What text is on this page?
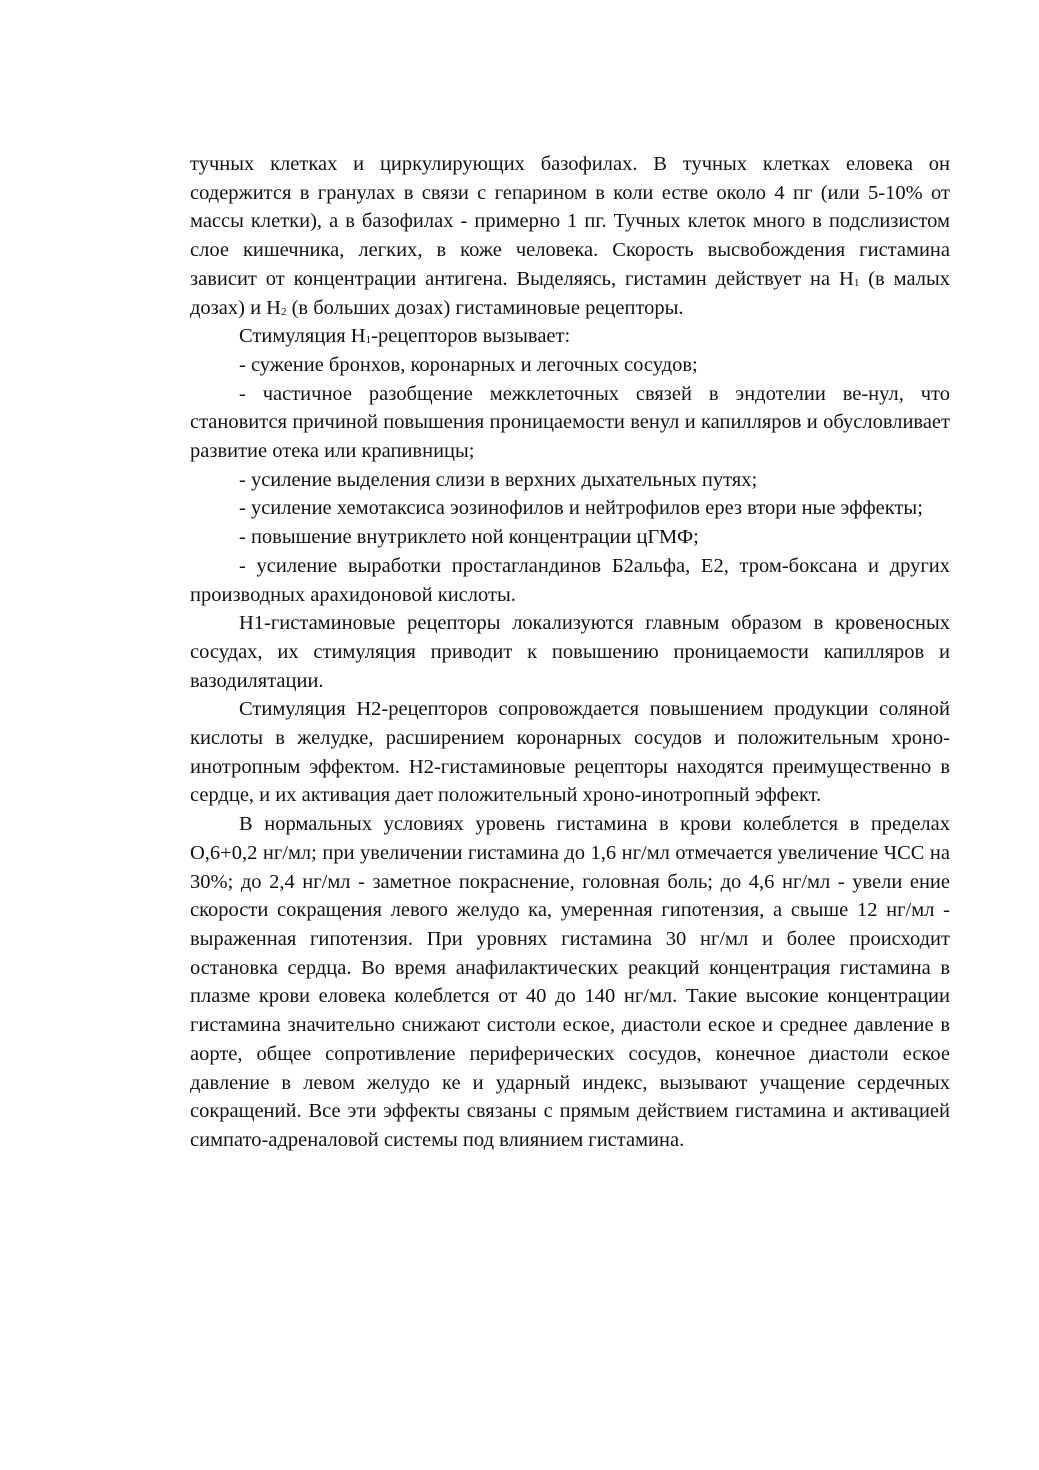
тучных клетках и циркулирующих базофилах. В тучных клетках еловека он содержится в гранулах в связи с гепарином в коли естве около 4 пг (или 5-10% от массы клетки), а в базофилах - примерно 1 пг. Тучных клеток много в подслизистом слое кишечника, легких, в коже человека. Скорость высвобождения гистамина зависит от концентрации антигена. Выделяясь, гистамин действует на $Н_1$ (в малых дозах) и $Н_2$ (в больших дозах) гистаминовые рецепторы.

Стимуляция $Н_1$-рецепторов вызывает:

- сужение бронхов, коронарных и легочных сосудов;

- частичное разобщение межклеточных связей в эндотелии ве-нул, что становится причиной повышения проницаемости венул и капилляров и обусловливает развитие отека или крапивницы;

- усиление выделения слизи в верхних дыхательных путях;

- усиление хемотаксиса эозинофилов и нейтрофилов ерез втори ные эффекты;

- повышение внутриклето ной концентрации цГМФ;

- усиление выработки простагландинов Б2альфа, Е2, тром-боксана и других производных арахидоновой кислоты.

Н1-гистаминовые рецепторы локализуются главным образом в кровеносных сосудах, их стимуляция приводит к повышению проницаемости капилляров и вазодилятации.

Стимуляция Н2-рецепторов сопровождается повышением продукции соляной кислоты в желудке, расширением коронарных сосудов и положительным хроно-инотропным эффектом. Н2-гистаминовые рецепторы находятся преимущественно в сердце, и их активация дает положительный хроно-инотропный эффект.

В нормальных условиях уровень гистамина в крови колеблется в пределах О,6+0,2 нг/мл; при увеличении гистамина до 1,6 нг/мл отмечается увеличение ЧСС на 30%; до 2,4 нг/мл - заметное покраснение, головная боль; до 4,6 нг/мл - увели ение скорости сокращения левого желудо ка, умеренная гипотензия, а свыше 12 нг/мл - выраженная гипотензия. При уровнях гистамина 30 нг/мл и более происходит остановка сердца. Во время анафилактических реакций концентрация гистамина в плазме крови еловека колеблется от 40 до 140 нг/мл. Такие высокие концентрации гистамина значительно снижают систоли еское, диастоли еское и среднее давление в аорте, общее сопротивление периферических сосудов, конечное диастоли еское давление в левом желудо ке и ударный индекс, вызывают учащение сердечных сокращений. Все эти эффекты связаны с прямым действием гистамина и активацией симпато-адреналовой системы под влиянием гистамина.
